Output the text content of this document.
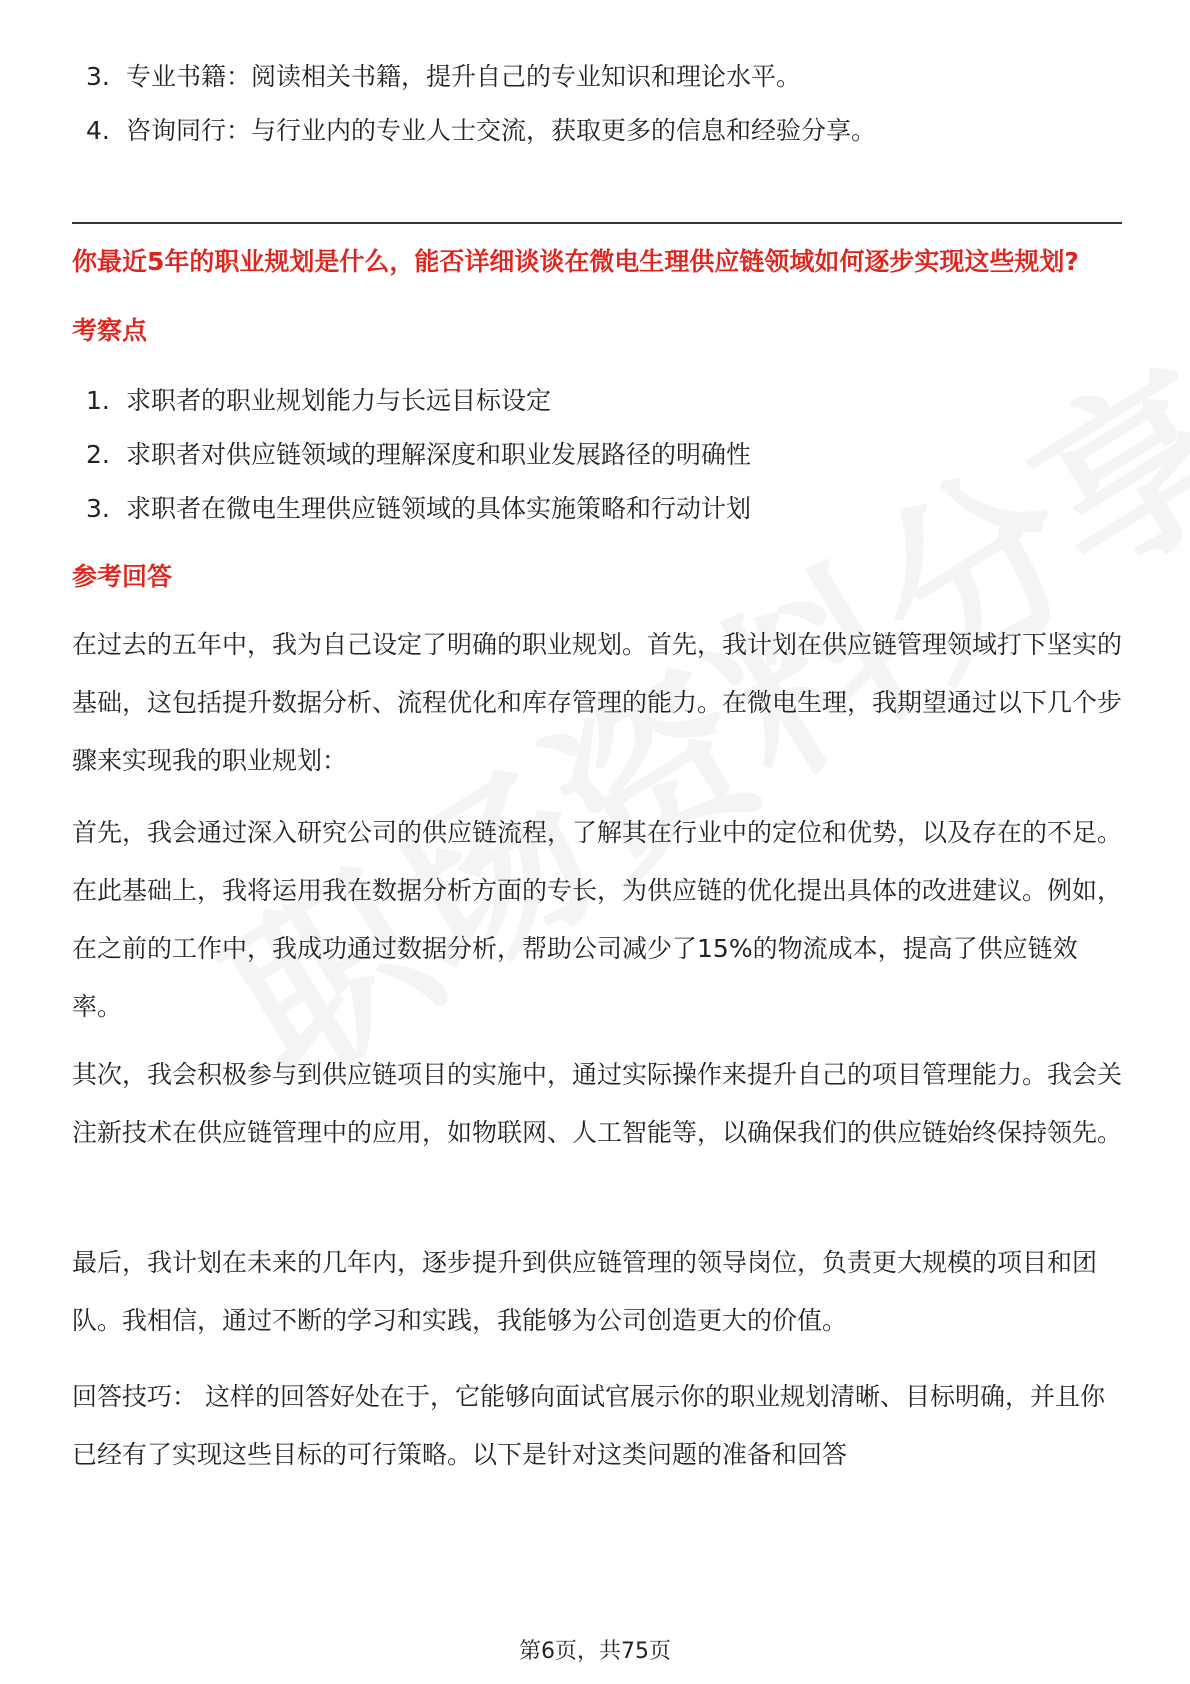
3. 专业书籍：阅读相关书籍，提升自己的专业知识和理论水平。
4. 咨询同行：与行业内的专业人士交流，获取更多的信息和经验分享。
你最近5年的职业规划是什么，能否详细谈谈在微电生理供应链领域如何逐步实现这些规划?
考察点
1. 求职者的职业规划能力与长远目标设定
2. 求职者对供应链领域的理解深度和职业发展路径的明确性
3. 求职者在微电生理供应链领域的具体实施策略和行动计划
参考回答

在过去的五年中，我为自己设定了明确的职业规划。首先，我计划在供应链管理领域打下坚实的基础，这包括提升数据分析、流程优化和库存管理的能力。在微电生理，我期望通过以下几个步骤来实现我的职业规划：

首先，我会通过深入研究公司的供应链流程，了解其在行业中的定位和优势，以及存在的不足。在此基础上，我将运用我在数据分析方面的专长，为供应链的优化提出具体的改进建议。例如，在之前的工作中，我成功通过数据分析，帮助公司减少了15%的物流成本，提高了供应链效率。

其次，我会积极参与到供应链项目的实施中，通过实际操作来提升自己的项目管理能力。我会关注新技术在供应链管理中的应用，如物联网、人工智能等，以确保我们的供应链始终保持领先。

最后，我计划在未来的几年内，逐步提升到供应链管理的领导岗位，负责更大规模的项目和团队。我相信，通过不断的学习和实践，我能够为公司创造更大的价值。

回答技巧： 这样的回答好处在于，它能够向面试官展示你的职业规划清晰、目标明确，并且你已经有了实现这些目标的可行策略。以下是针对这类问题的准备和回答

第6页，共75页
